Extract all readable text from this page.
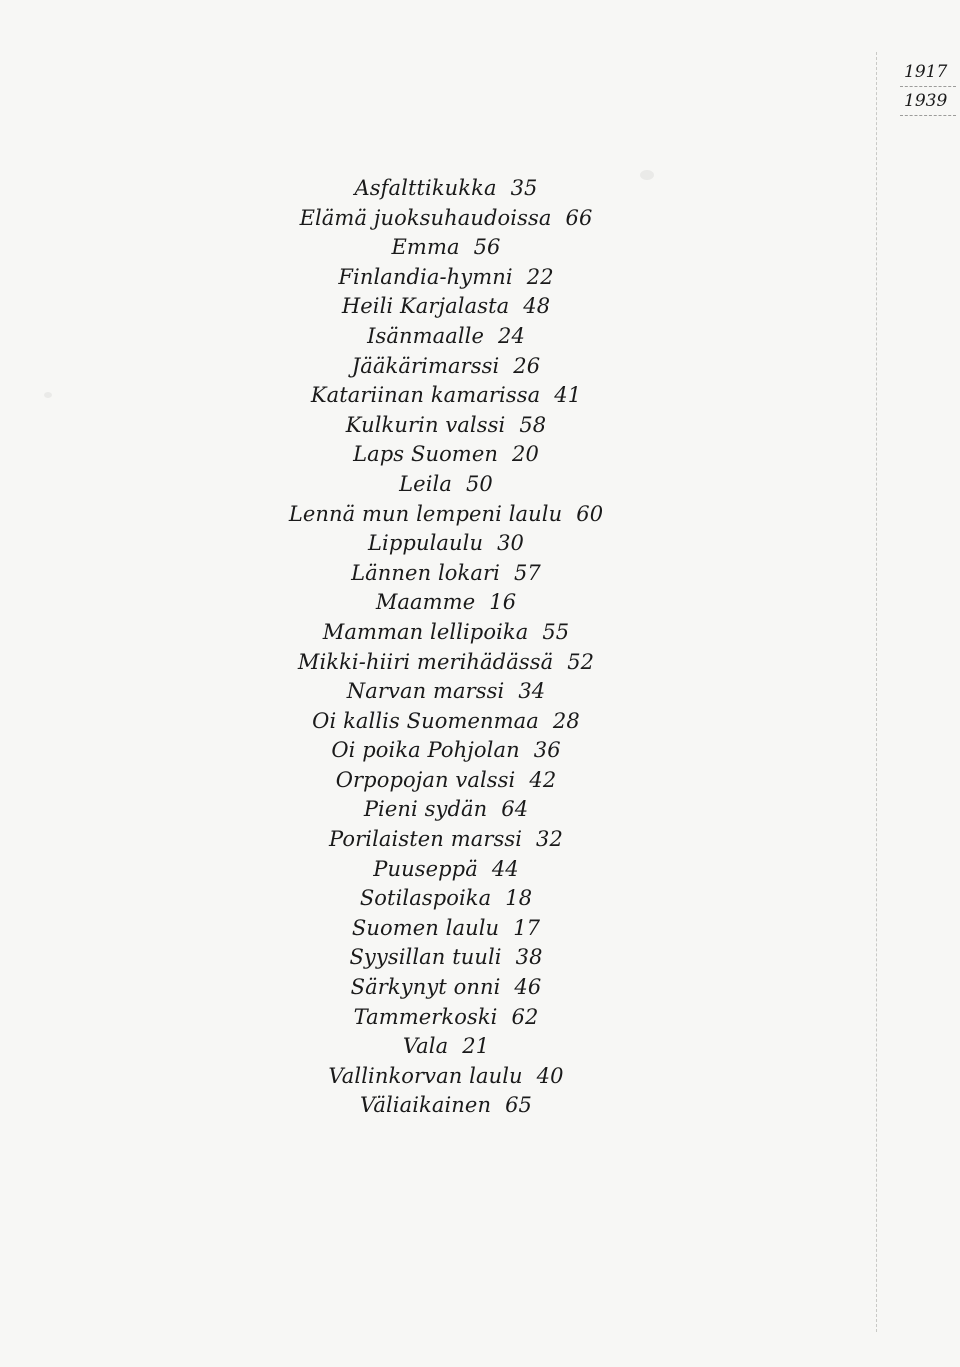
1917
1939
Asfalttikukka 35
Elämä juoksuhaudoissa 66
Emma 56
Finlandia-hymni 22
Heili Karjalasta 48
Isänmaalle 24
Jääkärimarssi 26
Katariinan kamarissa 41
Kulkurin valssi 58
Laps Suomen 20
Leila 50
Lennä mun lempeni laulu 60
Lippulaulu 30
Lännen lokari 57
Maamme 16
Mamman lellipoika 55
Mikki-hiiri merihädässä 52
Narvan marssi 34
Oi kallis Suomenmaa 28
Oi poika Pohjolan 36
Orpopojan valssi 42
Pieni sydän 64
Porilaisten marssi 32
Puuseppä 44
Sotilaspoika 18
Suomen laulu 17
Syysillan tuuli 38
Särkynyt onni 46
Tammerkoski 62
Vala 21
Vallinkorvan laulu 40
Väliaikainen 65
